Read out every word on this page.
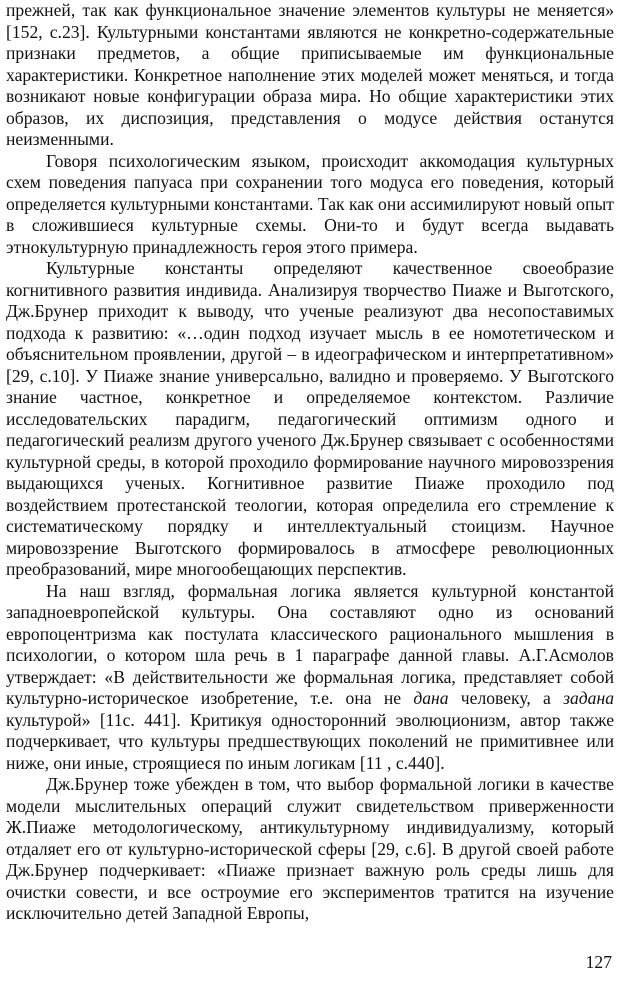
прежней, так как функциональное значение элементов культуры не меняется» [152, с.23]. Культурными константами являются не конкретно-содержательные признаки предметов, а общие приписываемые им функциональные характеристики. Конкретное наполнение этих моделей может меняться, и тогда возникают новые конфигурации образа мира. Но общие характеристики этих образов, их диспозиция, представления о модусе действия останутся неизменными.

Говоря психологическим языком, происходит аккомодация культурных схем поведения папуаса при сохранении того модуса его поведения, который определяется культурными константами. Так как они ассимилируют новый опыт в сложившиеся культурные схемы. Они-то и будут всегда выдавать этнокультурную принадлежность героя этого примера.

Культурные константы определяют качественное своеобразие когнитивного развития индивида. Анализируя творчество Пиаже и Выготского, Дж.Брунер приходит к выводу, что ученые реализуют два несопоставимых подхода к развитию: «…один подход изучает мысль в ее номотетическом и объяснительном проявлении, другой – в идеографическом и интерпретативном» [29, с.10]. У Пиаже знание универсально, валидно и проверяемо. У Выготского знание частное, конкретное и определяемое контекстом. Различие исследовательских парадигм, педагогический оптимизм одного и педагогический реализм другого ученого Дж.Брунер связывает с особенностями культурной среды, в которой проходило формирование научного мировоззрения выдающихся ученых. Когнитивное развитие Пиаже проходило под воздействием протестанской теологии, которая определила его стремление к систематическому порядку и интеллектуальный стоицизм. Научное мировоззрение Выготского формировалось в атмосфере революционных преобразований, мире многообещающих перспектив.

На наш взгляд, формальная логика является культурной константой западноевропейской культуры. Она составляют одно из оснований европоцентризма как постулата классического рационального мышления в психологии, о котором шла речь в 1 параграфе данной главы. А.Г.Асмолов утверждает: «В действительности же формальная логика, представляет собой культурно-историческое изобретение, т.е. она не дана человеку, а задана культурой» [11с. 441]. Критикуя односторонний эволюционизм, автор также подчеркивает, что культуры предшествующих поколений не примитивнее или ниже, они иные, строящиеся по иным логикам [11 , с.440].

Дж.Брунер тоже убежден в том, что выбор формальной логики в качестве модели мыслительных операций служит свидетельством приверженности Ж.Пиаже методологическому, антикультурному индивидуализму, который отдаляет его от культурно-исторической сферы [29, с.6]. В другой своей работе Дж.Брунер подчеркивает: «Пиаже признает важную роль среды лишь для очистки совести, и все остроумие его экспериментов тратится на изучение исключительно детей Западной Европы,

127
